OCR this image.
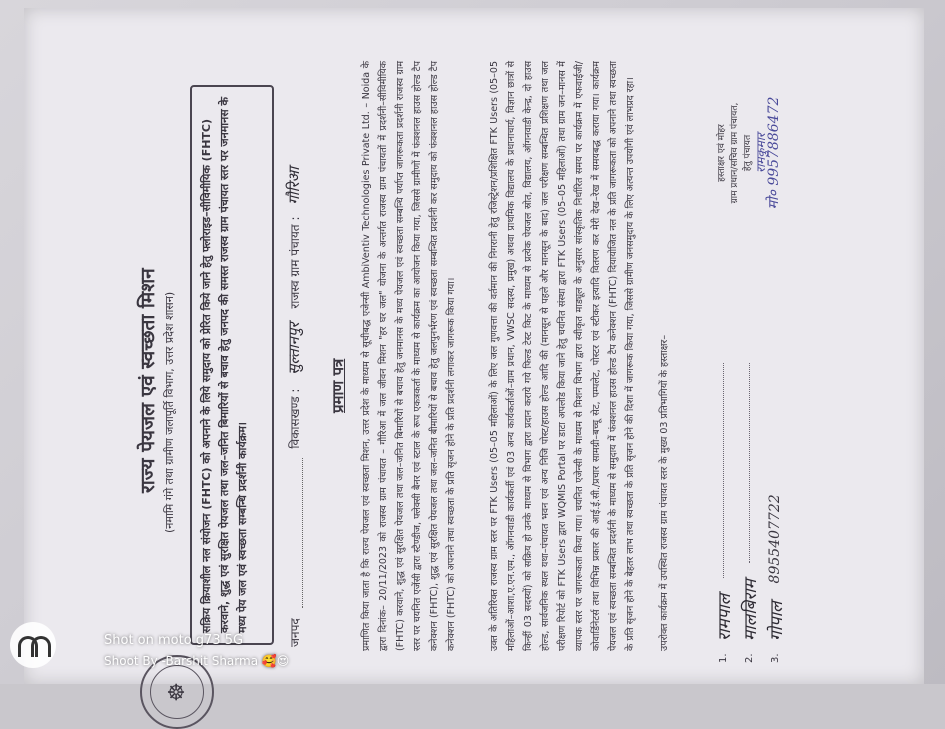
☸
राज्य पेयजल एवं स्वच्छता मिशन (नमामि गंगे तथा ग्रामीण जलापूर्ति विभाग, उत्तर प्रदेश शासन)	सक्रिय क्रियाशील नल संयोजन (FHTC) को अपनाने के लिये समुदाय को प्रेरित किये जाने हेतु फ्लोराइड–सीविमीयिक (FHTC) करवाने, शुद्ध एवं सुरक्षित पेयजल तथा जल–जनित बिमारियों से बचाव हेतु जनपद की समस्त राजस्व ग्राम पंचायत स्तर पर जनमानस के मध्य पेय जल एवं स्वच्छता सम्बन्धि प्रदर्शनी कार्यक्रम।	जनपद   विकासखण्ड : सुल्तानपुर राजस्व ग्राम पंचायत : गौरिआ
प्रमाण पत्र	प्रमाणित किया जाता है कि राज्य पेयजल एवं स्वच्छता मिशन, उत्तर प्रदेश के माध्यम से सूचीबद्ध एजेन्सी AmbiVentiv Technologies Private Ltd. – Noida के द्वारा दिनांक– 20/11/2023 को राजस्व ग्राम पंचायत – गौरिआ में जल जीवन मिशन "हर घर जल" योजना के अन्तर्गत राजस्व ग्राम पंचायतों में प्रदर्शनी–सीविमीयिक (FHTC) करवाने, शुद्ध एवं सुरक्षित पेयजल तथा जल–जनित बिमारियों से बचाव हेतु जनमानस के मध्य पेयजल एवं स्वच्छता सम्बन्धि पर्याप्त जागरूकता प्रदर्शनी राजस्व ग्राम स्तर पर चयनित एजेंसी द्वारा स्टैण्डीज, फ्लेक्सी बैनर एवं स्टाल के रूप एकत्रकर्ता के माध्यम से कार्यक्रम का आयोजन किया गया, जिससे ग्रामीणों में फंक्शनल हाउस होल्ड टैप कनेक्शन (FHTC), शुद्ध एवं सुरक्षित पेयजल तथा जल–जनित बीमारियों से बचाव हेतु जलपुनर्भरण एवं स्वच्छता सम्बन्धित प्रदर्शनी कर समुदाय को फंक्शनल हाउस होल्ड टैप कनेक्शन (FHTC) को अपनाने तथा स्वच्छता के प्रति सृजन होने के प्रति प्रदर्शनी लगाकर जागरूक किया गया।	उक्त के अतिरिक्त राजस्व ग्राम स्तर पर FTK Users (05–05 महिलाओं) के लिए जल गुणवत्ता की वर्तमान की निगरानी हेतु रजिस्ट्रेशन/प्रशिक्षित FTK Users (05–05 महिलाओं–आशा,ए.एन.एम., ऑगनवाडी कार्यकर्ती एवं 03 अन्य कार्यकर्ताओं–ग्राम प्रधान, VWSC सदस्य, प्रमुख) अथवा प्राथमिक विद्यालय के प्रधानाचार्य, विज्ञान छात्रों से किन्हीं 03 सदस्यों) को सक्रिय हो उनके माध्यम से विभाग द्वारा प्रदान कराये गये फिल्ड टेस्ट किट के माध्यम से प्रत्येक पेयजल स्रोत, विद्यालय, ऑगनवाडी केन्द्र, दो हाउस होल्ड, सार्वजनिक स्थल यथा–पंचायत भवन एवं अन्य निजि पोस्ट/हाउस होल्ड आदि की (मानसून से पहले और मानसून के बाद) जल परीक्षण सम्बन्धित प्रशिक्षण तथा जल परीक्षण रिपोर्ट को FTK Users द्वारा WQMIS Portal पर डाटा अपलोड किया जाने हेतु चयनित संस्था द्वारा FTK Users (05–05 महिलाओं) तथा ग्राम जन–मानस में व्यापक स्तर पर जागरूकता किया गया। चयनित एजेन्सी के माध्यम से मिशन विभाग द्वारा स्वीकृत माड्यूल के अनुसार सांस्कृतिक निर्धारित समय पर कार्यक्रम में एफवाईजी/कोवार्डिनेटर्स तथा विभिन्न प्रकार की आई.ई.सी./प्रचार सामग्री–बच्चू सेट, पम्पलेट, पोस्टर एवं स्टीकर इत्यादि वितरण कर मेरी देख–रेख में समयबद्ध कराया गया। कार्यक्रम पेयजल एवं स्वच्छता सम्बन्धित प्रदर्शनी के माध्यम से समुदाय में फंक्शनल हाउस होल्ड टैप कनेक्शन (FHTC) दियायोजित नल के प्रति जागरूकता को अपनाने तथा स्वच्छता के प्रति सृजन होने के बेहतर लाभ तथा स्वच्छता के प्रति सृजन होने की दिशा में जागरूक किया गया, जिससे ग्रामीण जनसमुदाय के लिए अत्यन्त उपयोगी एवं लाभप्रद रहा।	उपरोक्त कार्यक्रम में उपस्थित राजस्व ग्राम पंचायत स्तर के मुख्य 03 प्रतिभागियों के हस्ताक्षर–
1.
रामपाल
2.
मालबिराम
3.
गोपाल
8955407722
हस्ताक्षर एवं मोहर ग्राम प्रधान/सचिव ग्राम पंचायत, हेतु पंचायत रामकुमार
मो० 9957886472
Shot on moto g73 5G
Shoot By -Barshit Sharma 🥰😍
